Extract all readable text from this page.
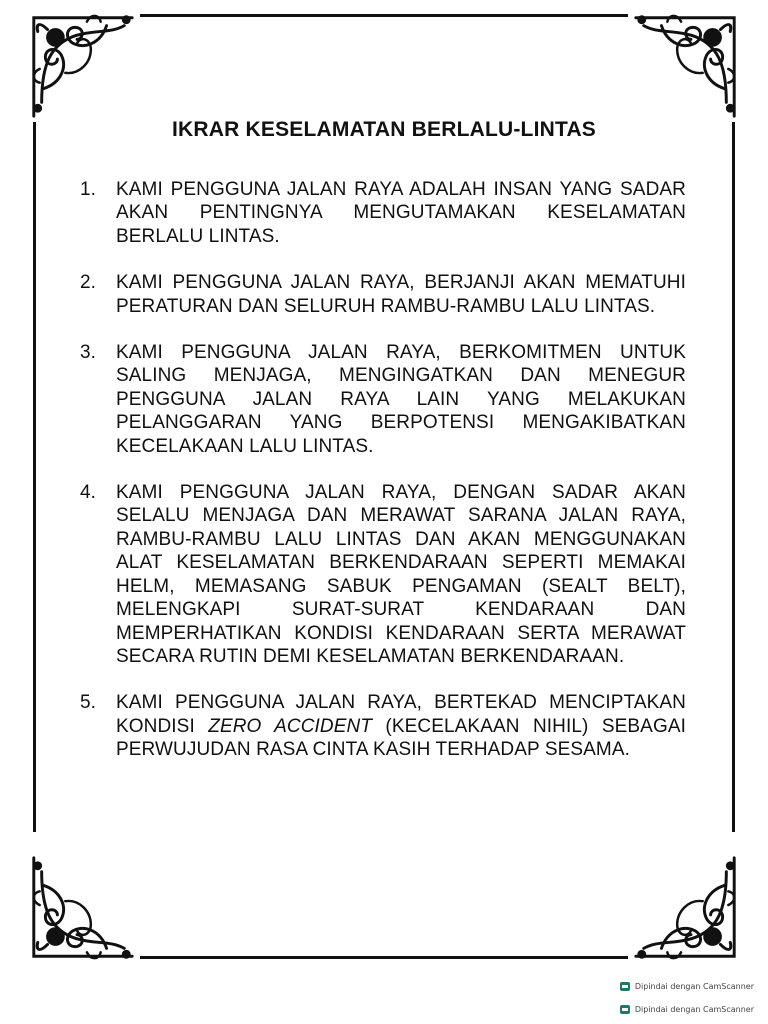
IKRAR KESELAMATAN BERLALU-LINTAS
1.	KAMI PENGGUNA JALAN RAYA ADALAH INSAN YANG SADAR AKAN PENTINGNYA MENGUTAMAKAN KESELAMATAN BERLALU LINTAS.
2.	KAMI PENGGUNA JALAN RAYA, BERJANJI AKAN MEMATUHI PERATURAN DAN SELURUH RAMBU-RAMBU LALU LINTAS.
3.	KAMI PENGGUNA JALAN RAYA, BERKOMITMEN UNTUK SALING MENJAGA, MENGINGATKAN DAN MENEGUR PENGGUNA JALAN RAYA LAIN YANG MELAKUKAN PELANGGARAN YANG BERPOTENSI MENGAKIBATKAN KECELAKAAN LALU LINTAS.
4.	KAMI PENGGUNA JALAN RAYA, DENGAN SADAR AKAN SELALU MENJAGA DAN MERAWAT SARANA JALAN RAYA, RAMBU-RAMBU LALU LINTAS DAN AKAN MENGGUNAKAN ALAT KESELAMATAN BERKENDARAAN SEPERTI MEMAKAI HELM, MEMASANG SABUK PENGAMAN (SEALT BELT), MELENGKAPI SURAT-SURAT KENDARAAN DAN MEMPERHATIKAN KONDISI KENDARAAN SERTA MERAWAT SECARA RUTIN DEMI KESELAMATAN BERKENDARAAN.
5.	KAMI PENGGUNA JALAN RAYA, BERTEKAD MENCIPTAKAN KONDISI ZERO ACCIDENT (KECELAKAAN NIHIL) SEBAGAI PERWUJUDAN RASA CINTA KASIH TERHADAP SESAMA.
Dipindai dengan CamScanner
Dipindai dengan CamScanner
